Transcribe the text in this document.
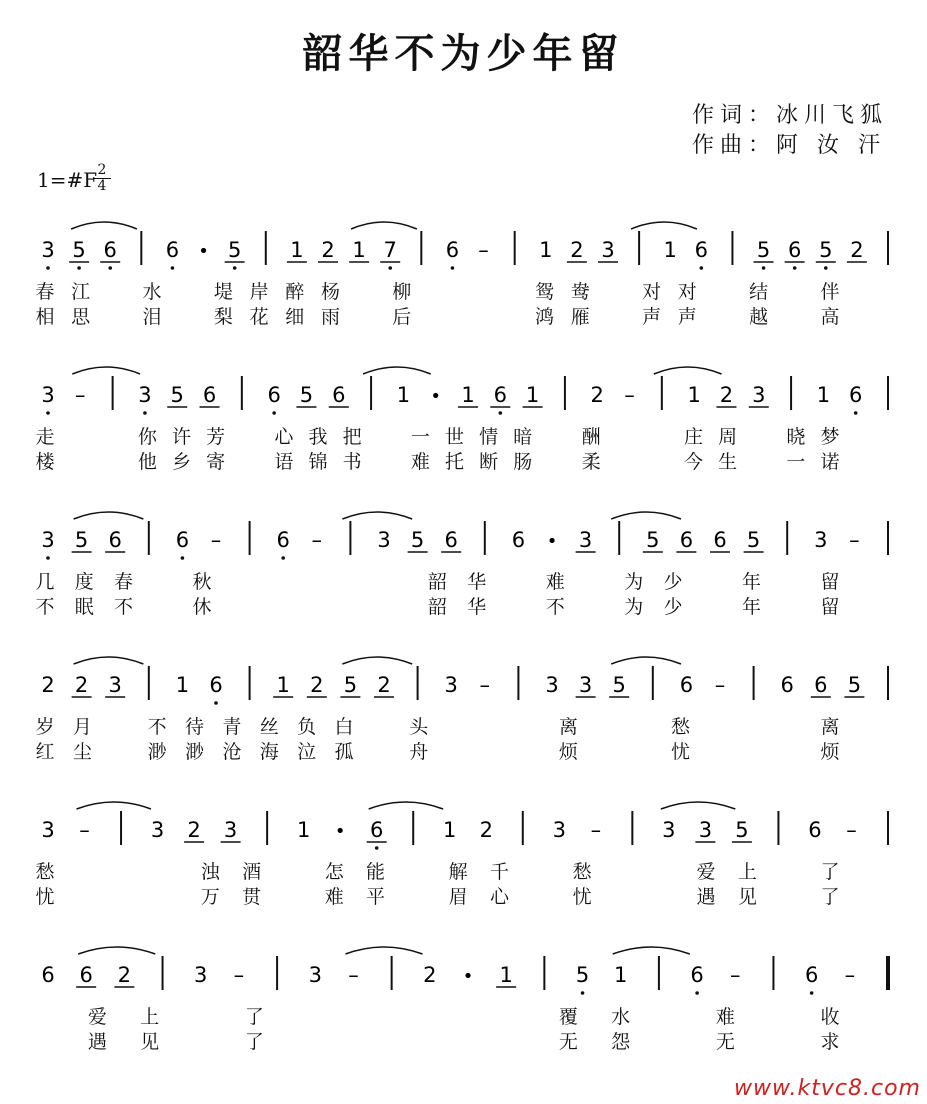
韶华不为少年留
作词：冰川飞狐
作曲：阿 汝 汗
1=#F 2
4
3 5 6 6 • 5 1 2 1 7 6 – 1 2 3 1 6 5 6 5 2
春 江	水	堤 岸 醉 杨	柳	鸳 鸯	对 对	结	伴
相 思	泪	梨 花 细 雨	后	鸿 雁	声 声	越	高
3 –	3 5 6 6 5 6 1 • 1 6 1 2 –	1 2 3 1 6
走	你 许 芳	心 我 把	一 世 情 暗	酬	庄 周	晓 梦
楼	他 乡 寄	语 锦 书	难 托 断 肠	柔	今 生	一 诺
3 5 6	6 –	6 –	3 5 6	6 • 3	5 6 6 5	3 –
几 度 春	秋	韶 华	难	为 少	年	留
不 眠 不	休	韶 华	不	为 少	年	留
2 2 3	1 6	1 2 5 2	3 –	3 3 5	6 –	6 6 5
岁 月	不 待 青 丝 负 白	头	离	愁	离
红 尘	渺 渺 沧 海 泣 孤	舟	烦	忧	烦
3 –	3 2 3	1 • 6	1 2	3 –	3 3 5	6 –
愁	浊 酒	怎 能	解 千	愁	爱 上	了
忧	万 贯	难 平	眉 心	忧	遇 见	了
6 6 2	3 –	3 –	2 • 1	5 1	6 –	6 –
爱 上	了	覆 水	难	收
遇 见	了	无 怨	无	求
www.ktvc8.com
